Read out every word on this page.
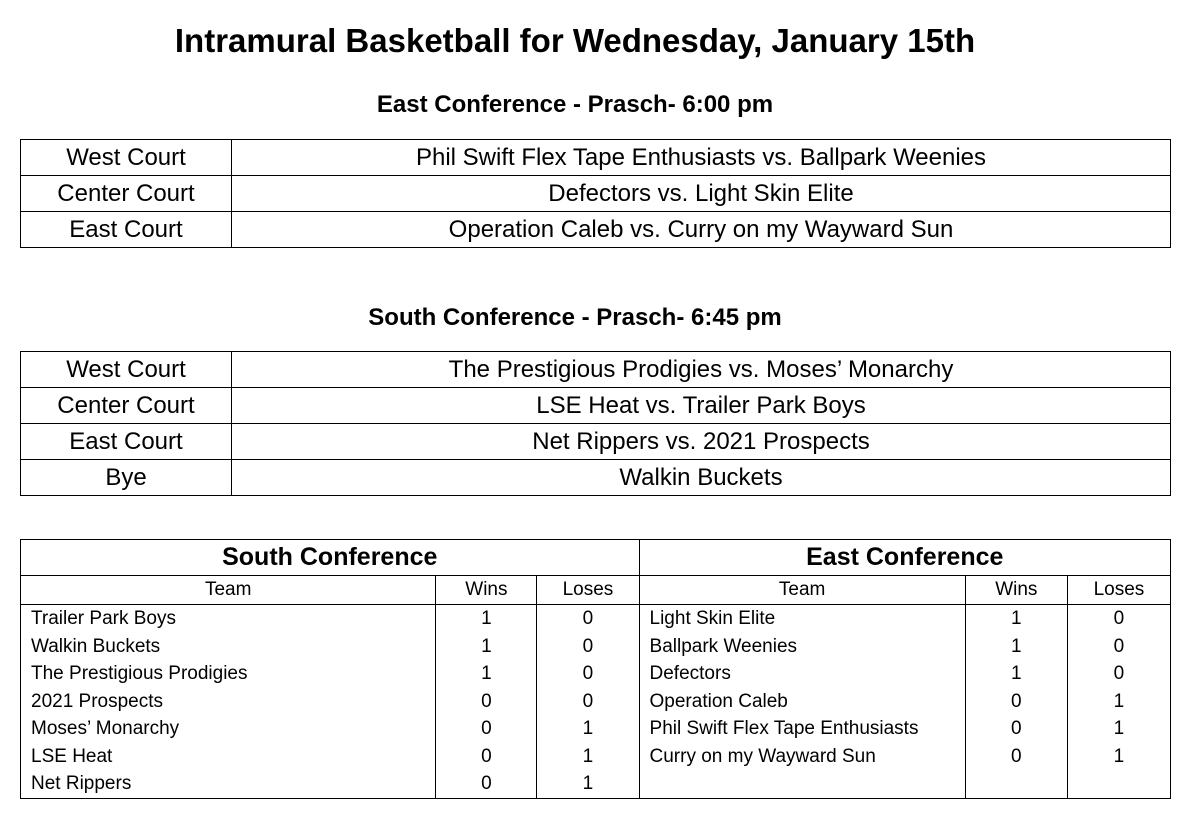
Intramural Basketball for Wednesday, January 15th
East Conference - Prasch- 6:00 pm
West Court	Phil Swift Flex Tape Enthusiasts vs. Ballpark Weenies
Center Court	Defectors vs. Light Skin Elite
East Court	Operation Caleb vs. Curry on my Wayward Sun
South Conference - Prasch- 6:45 pm
West Court	The Prestigious Prodigies vs. Moses’ Monarchy
Center Court	LSE Heat vs. Trailer Park Boys
East Court	Net Rippers vs. 2021 Prospects
Bye	Walkin Buckets
South Conference			East Conference		
Team	Wins	Loses	Team	Wins	Loses
Trailer Park Boys	1	0	Light Skin Elite	1	0
Walkin Buckets	1	0	Ballpark Weenies	1	0
The Prestigious Prodigies	1	0	Defectors	1	0
2021 Prospects	0	0	Operation Caleb	0	1
Moses’ Monarchy	0	1	Phil Swift Flex Tape Enthusiasts	0	1
LSE Heat	0	1	Curry on my Wayward Sun	0	1
Net Rippers	0	1			
